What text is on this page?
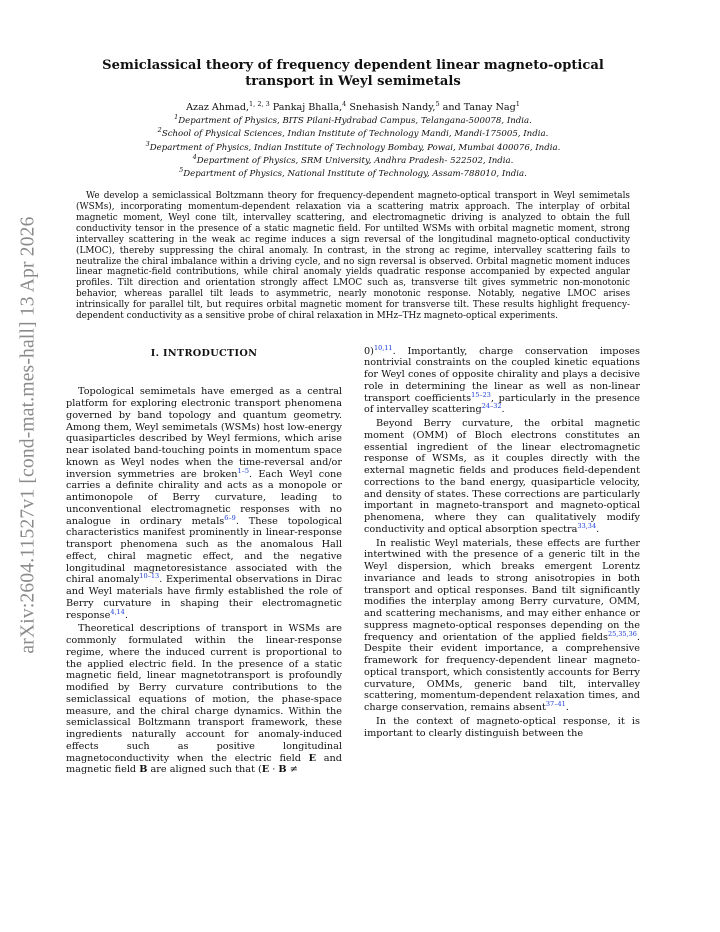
arXiv:2604.11527v1 [cond-mat.mes-hall] 13 Apr 2026
Semiclassical theory of frequency dependent linear magneto-optical transport in Weyl semimetals
Azaz Ahmad,$^{1, 2, 3}$ Pankaj Bhalla,$^4$ Snehasish Nandy,$^5$ and Tanay Nag$^1$
$^1$Department of Physics, BITS Pilani-Hydrabad Campus, Telangana-500078, India.
$^2$School of Physical Sciences, Indian Institute of Technology Mandi, Mandi-175005, India.
$^3$Department of Physics, Indian Institute of Technology Bombay, Powai, Mumbai 400076, India.
$^4$Department of Physics, SRM University, Andhra Pradesh- 522502, India.
$^5$Department of Physics, National Institute of Technology, Assam-788010, India.
We develop a semiclassical Boltzmann theory for frequency-dependent magneto-optical transport in Weyl semimetals (WSMs), incorporating momentum-dependent relaxation via a scattering matrix approach. The interplay of orbital magnetic moment, Weyl cone tilt, intervalley scattering, and electromagnetic driving is analyzed to obtain the full conductivity tensor in the presence of a static magnetic field. For untilted WSMs with orbital magnetic moment, strong intervalley scattering in the weak ac regime induces a sign reversal of the longitudinal magneto-optical conductivity (LMOC), thereby suppressing the chiral anomaly. In contrast, in the strong ac regime, intervalley scattering fails to neutralize the chiral imbalance within a driving cycle, and no sign reversal is observed. Orbital magnetic moment induces linear magnetic-field contributions, while chiral anomaly yields quadratic response accompanied by expected angular profiles. Tilt direction and orientation strongly affect LMOC such as, transverse tilt gives symmetric non-monotonic behavior, whereas parallel tilt leads to asymmetric, nearly monotonic response. Notably, negative LMOC arises intrinsically for parallel tilt, but requires orbital magnetic moment for transverse tilt. These results highlight frequency-dependent conductivity as a sensitive probe of chiral relaxation in MHz–THz magneto-optical experiments.
I. INTRODUCTION

Topological semimetals have emerged as a central platform for exploring electronic transport phenomena governed by band topology and quantum geometry. Among them, Weyl semimetals (WSMs) host low-energy quasiparticles described by Weyl fermions, which arise near isolated band-touching points in momentum space known as Weyl nodes when the time-reversal and/or inversion symmetries are broken$^{1-5}$. Each Weyl cone carries a definite chirality and acts as a monopole or antimonopole of Berry curvature, leading to unconventional electromagnetic responses with no analogue in ordinary metals$^{6-9}$. These topological characteristics manifest prominently in linear-response transport phenomena such as the anomalous Hall effect, chiral magnetic effect, and the negative longitudinal magnetoresistance associated with the chiral anomaly$^{10-13}$. Experimental observations in Dirac and Weyl materials have firmly established the role of Berry curvature in shaping their electromagnetic response$^{4,14}$.

Theoretical descriptions of transport in WSMs are commonly formulated within the linear-response regime, where the induced current is proportional to the applied electric field. In the presence of a static magnetic field, linear magnetotransport is profoundly modified by Berry curvature contributions to the semiclassical equations of motion, the phase-space measure, and the chiral charge dynamics. Within the semiclassical Boltzmann transport framework, these ingredients naturally account for anomaly-induced effects such as positive longitudinal magnetoconductivity when the electric field E and magnetic field B are aligned such that (E · B ≠

0)$^{10,11}$. Importantly, charge conservation imposes nontrivial constraints on the coupled kinetic equations for Weyl cones of opposite chirality and plays a decisive role in determining the linear as well as non-linear transport coefficients$^{15-23}$, particularly in the presence of intervalley scattering$^{24-32}$.

Beyond Berry curvature, the orbital magnetic moment (OMM) of Bloch electrons constitutes an essential ingredient of the linear electromagnetic response of WSMs, as it couples directly with the external magnetic fields and produces field-dependent corrections to the band energy, quasiparticle velocity, and density of states. These corrections are particularly important in magneto-transport and magneto-optical phenomena, where they can qualitatively modify conductivity and optical absorption spectra$^{33,34}$.

In realistic Weyl materials, these effects are further intertwined with the presence of a generic tilt in the Weyl dispersion, which breaks emergent Lorentz invariance and leads to strong anisotropies in both transport and optical responses. Band tilt significantly modifies the interplay among Berry curvature, OMM, and scattering mechanisms, and may either enhance or suppress magneto-optical responses depending on the frequency and orientation of the applied fields$^{25,35,36}$. Despite their evident importance, a comprehensive framework for frequency-dependent linear magneto-optical transport, which consistently accounts for Berry curvature, OMMs, generic band tilt, intervalley scattering, momentum-dependent relaxation times, and charge conservation, remains absent$^{37-41}$.

In the context of magneto-optical response, it is important to clearly distinguish between the
